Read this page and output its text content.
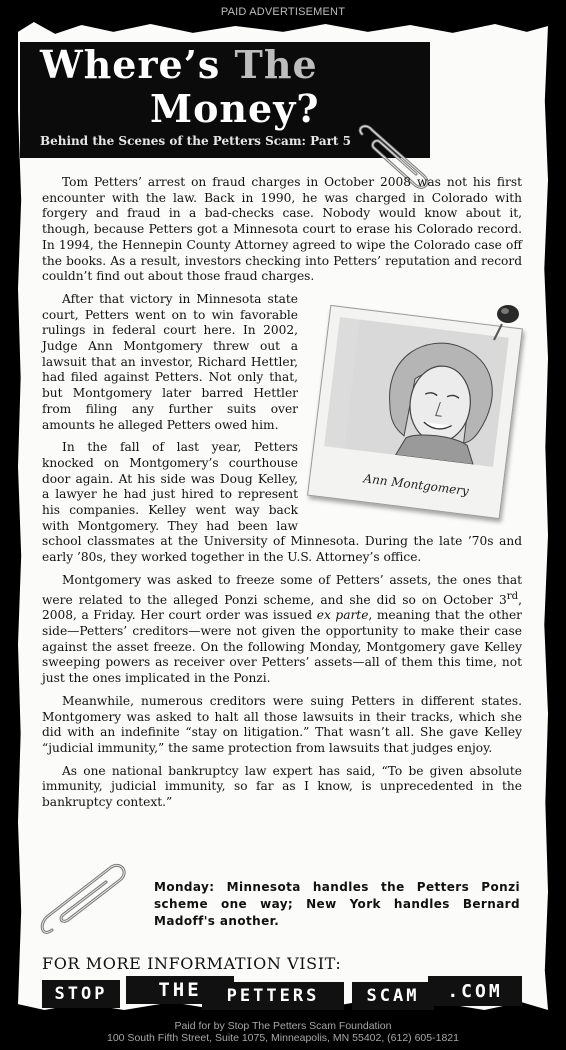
PAID ADVERTISEMENT
Where’s The
Money?
Behind the Scenes of the Petters Scam: Part 5

Tom Petters’ arrest on fraud charges in October 2008 was not his first encounter with the law. Back in 1990, he was charged in Colorado with forgery and fraud in a bad-checks case. Nobody would know about it, though, because Petters got a Minnesota court to erase his Colorado record. In 1994, the Hennepin County Attorney agreed to wipe the Colorado case off the books. As a result, investors checking into Petters’ reputation and record couldn’t find out about those fraud charges.

Ann Montgomery
After that victory in Minnesota state court, Petters went on to win favorable rulings in federal court here. In 2002, Judge Ann Montgomery threw out a lawsuit that an investor, Richard Hettler, had filed against Petters. Not only that, but Montgomery later barred Hettler from filing any further suits over amounts he alleged Petters owed him.

In the fall of last year, Petters knocked on Montgomery’s courthouse door again. At his side was Doug Kelley, a lawyer he had just hired to represent his companies. Kelley went way back with Montgomery. They had been law school classmates at the University of Minnesota. During the late ’70s and early ’80s, they worked together in the U.S. Attorney’s office.

Montgomery was asked to freeze some of Petters’ assets, the ones that were related to the alleged Ponzi scheme, and she did so on October 3rd, 2008, a Friday. Her court order was issued ex parte, meaning that the other side—Petters’ creditors—were not given the opportunity to make their case against the asset freeze. On the following Monday, Montgomery gave Kelley sweeping powers as receiver over Petters’ assets—all of them this time, not just the ones implicated in the Ponzi.

Meanwhile, numerous creditors were suing Petters in different states. Montgomery was asked to halt all those lawsuits in their tracks, which she did with an indefinite “stay on litigation.” That wasn’t all. She gave Kelley “judicial immunity,” the same protection from lawsuits that judges enjoy.

As one national bankruptcy law expert has said, “To be given absolute immunity, judicial immunity, so far as I know, is unprecedented in the bankruptcy context.”

Monday: Minnesota handles the Petters Ponzi scheme one way; New York handles Bernard Madoff's another.
FOR MORE INFORMATION VISIT:
STOP	THE	PETTERS	SCAM	.COM
Paid for by Stop The Petters Scam Foundation
100 South Fifth Street, Suite 1075, Minneapolis, MN 55402, (612) 605-1821
